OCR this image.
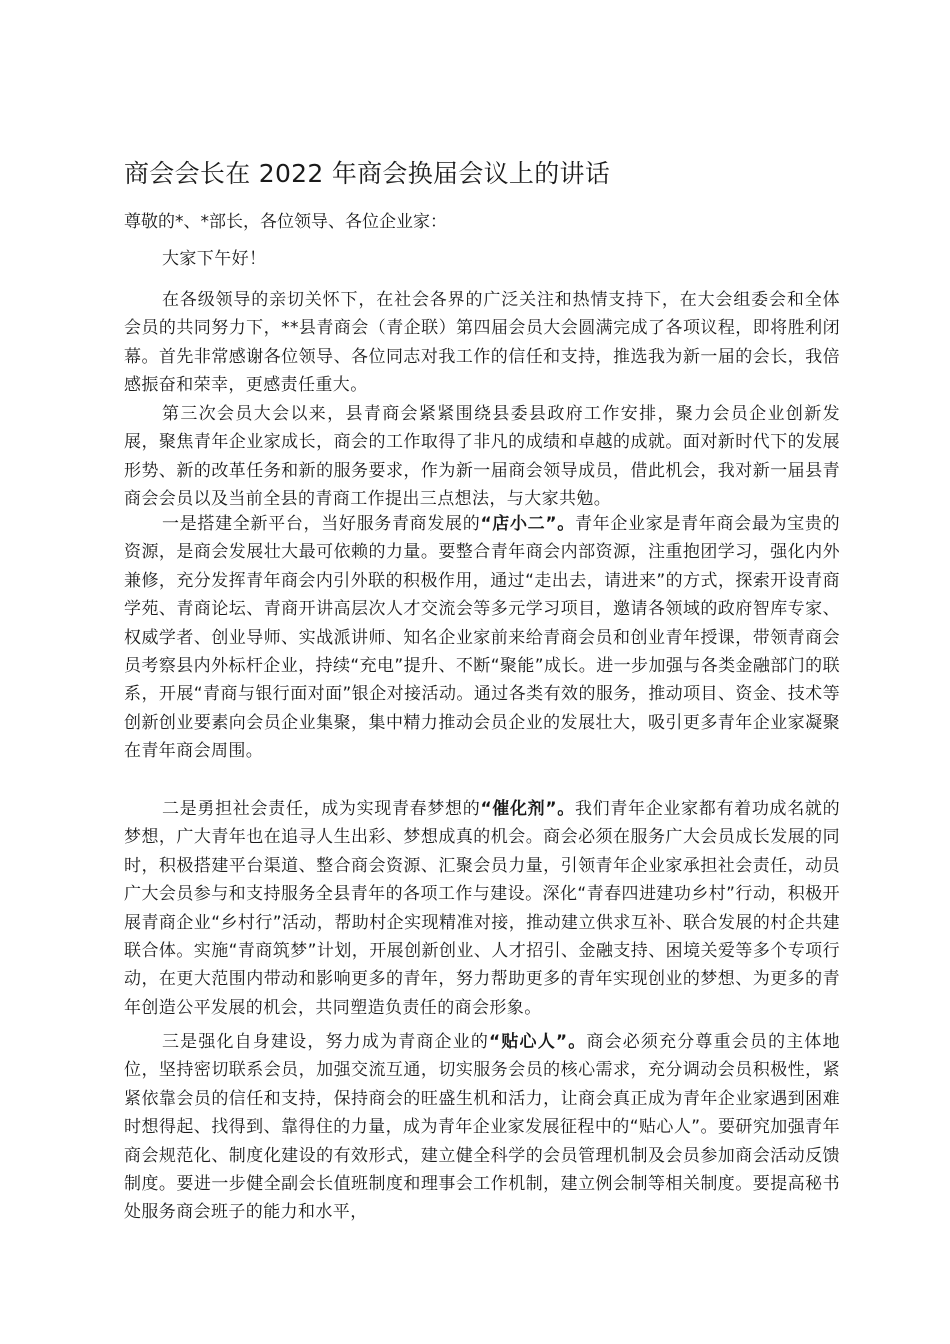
商会会长在 2022 年商会换届会议上的讲话

尊敬的*、*部长，各位领导、各位企业家：

大家下午好！

在各级领导的亲切关怀下，在社会各界的广泛关注和热情支持下，在大会组委会和全体会员的共同努力下，**县青商会（青企联）第四届会员大会圆满完成了各项议程，即将胜利闭幕。首先非常感谢各位领导、各位同志对我工作的信任和支持，推选我为新一届的会长，我倍感振奋和荣幸，更感责任重大。

第三次会员大会以来，县青商会紧紧围绕县委县政府工作安排，聚力会员企业创新发展，聚焦青年企业家成长，商会的工作取得了非凡的成绩和卓越的成就。面对新时代下的发展形势、新的改革任务和新的服务要求，作为新一届商会领导成员，借此机会，我对新一届县青商会会员以及当前全县的青商工作提出三点想法，与大家共勉。

一是搭建全新平台，当好服务青商发展的“店小二”。青年企业家是青年商会最为宝贵的资源，是商会发展壮大最可依赖的力量。要整合青年商会内部资源，注重抱团学习，强化内外兼修，充分发挥青年商会内引外联的积极作用，通过“走出去，请进来”的方式，探索开设青商学苑、青商论坛、青商开讲高层次人才交流会等多元学习项目，邀请各领域的政府智库专家、权威学者、创业导师、实战派讲师、知名企业家前来给青商会员和创业青年授课，带领青商会员考察县内外标杆企业，持续“充电”提升、不断“聚能”成长。进一步加强与各类金融部门的联系，开展“青商与银行面对面”银企对接活动。通过各类有效的服务，推动项目、资金、技术等创新创业要素向会员企业集聚，集中精力推动会员企业的发展壮大，吸引更多青年企业家凝聚在青年商会周围。

二是勇担社会责任，成为实现青春梦想的“催化剂”。我们青年企业家都有着功成名就的梦想，广大青年也在追寻人生出彩、梦想成真的机会。商会必须在服务广大会员成长发展的同时，积极搭建平台渠道、整合商会资源、汇聚会员力量，引领青年企业家承担社会责任，动员广大会员参与和支持服务全县青年的各项工作与建设。深化“青春四进建功乡村”行动，积极开展青商企业“乡村行”活动，帮助村企实现精准对接，推动建立供求互补、联合发展的村企共建联合体。实施“青商筑梦”计划，开展创新创业、人才招引、金融支持、困境关爱等多个专项行动，在更大范围内带动和影响更多的青年，努力帮助更多的青年实现创业的梦想、为更多的青年创造公平发展的机会，共同塑造负责任的商会形象。

三是强化自身建设，努力成为青商企业的“贴心人”。商会必须充分尊重会员的主体地位，坚持密切联系会员，加强交流互通，切实服务会员的核心需求，充分调动会员积极性，紧紧依靠会员的信任和支持，保持商会的旺盛生机和活力，让商会真正成为青年企业家遇到困难时想得起、找得到、靠得住的力量，成为青年企业家发展征程中的“贴心人”。要研究加强青年商会规范化、制度化建设的有效形式，建立健全科学的会员管理机制及会员参加商会活动反馈制度。要进一步健全副会长值班制度和理事会工作机制，建立例会制等相关制度。要提高秘书处服务商会班子的能力和水平，
